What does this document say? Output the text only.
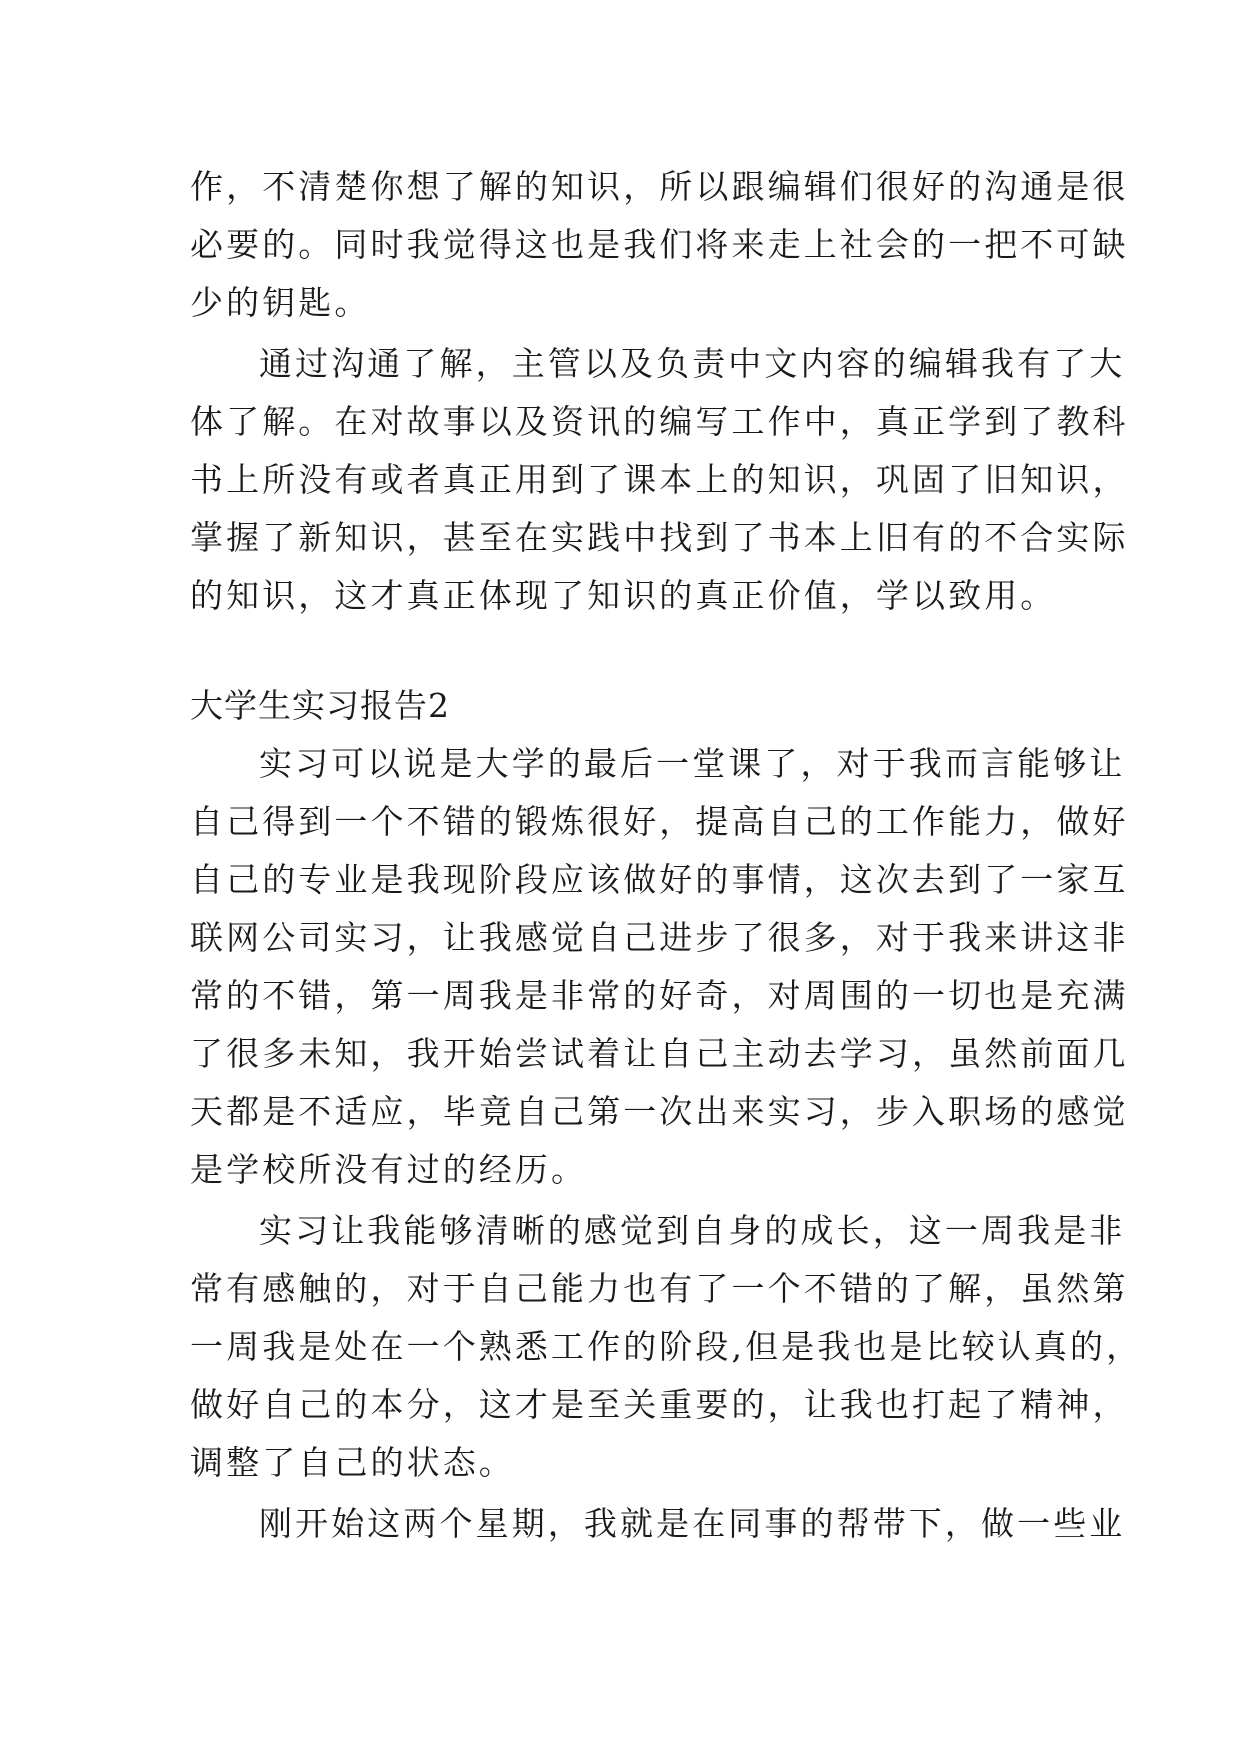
作，不清楚你想了解的知识，所以跟编辑们很好的沟通是很
必要的。同时我觉得这也是我们将来走上社会的一把不可缺
少的钥匙。
通过沟通了解，主管以及负责中文内容的编辑我有了大
体了解。在对故事以及资讯的编写工作中，真正学到了教科
书上所没有或者真正用到了课本上的知识，巩固了旧知识，
掌握了新知识，甚至在实践中找到了书本上旧有的不合实际
的知识，这才真正体现了知识的真正价值，学以致用。
大学生实习报告2
实习可以说是大学的最后一堂课了，对于我而言能够让
自己得到一个不错的锻炼很好，提高自己的工作能力，做好
自己的专业是我现阶段应该做好的事情，这次去到了一家互
联网公司实习，让我感觉自己进步了很多，对于我来讲这非
常的不错，第一周我是非常的好奇，对周围的一切也是充满
了很多未知，我开始尝试着让自己主动去学习，虽然前面几
天都是不适应，毕竟自己第一次出来实习，步入职场的感觉
是学校所没有过的经历。
实习让我能够清晰的感觉到自身的成长，这一周我是非
常有感触的，对于自己能力也有了一个不错的了解，虽然第
一周我是处在一个熟悉工作的阶段,但是我也是比较认真的，
做好自己的本分，这才是至关重要的，让我也打起了精神，
调整了自己的状态。
刚开始这两个星期，我就是在同事的帮带下，做一些业
